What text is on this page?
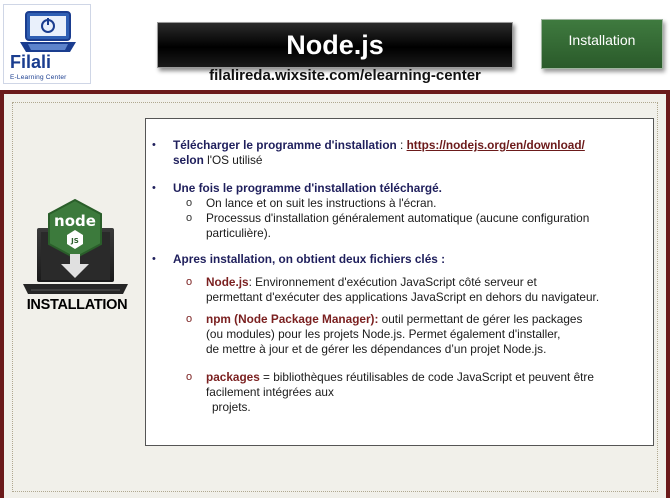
Filali
E-Learning Center
Node.js
filalireda.wixsite.com/elearning-center
Installation
node
JS
INSTALLATION
• Télécharger le programme d'installation : https://nodejs.org/en/download/
selon l'OS utilisé
• Une fois le programme d'installation téléchargé.
o On lance et on suit les instructions à l'écran.
o Processus d'installation généralement automatique (aucune configuration
particulière).
• Apres installation, on obtient deux fichiers clés :
o Node.js: Environnement d'exécution JavaScript côté serveur et
permettant d'exécuter des applications JavaScript en dehors du navigateur.
o npm (Node Package Manager): outil permettant de gérer les packages
(ou modules) pour les projets Node.js. Permet également d'installer,
de mettre à jour et de gérer les dépendances d’un projet Node.js.
o packages = bibliothèques réutilisables de code JavaScript et peuvent être
facilement intégrées aux
projets.
